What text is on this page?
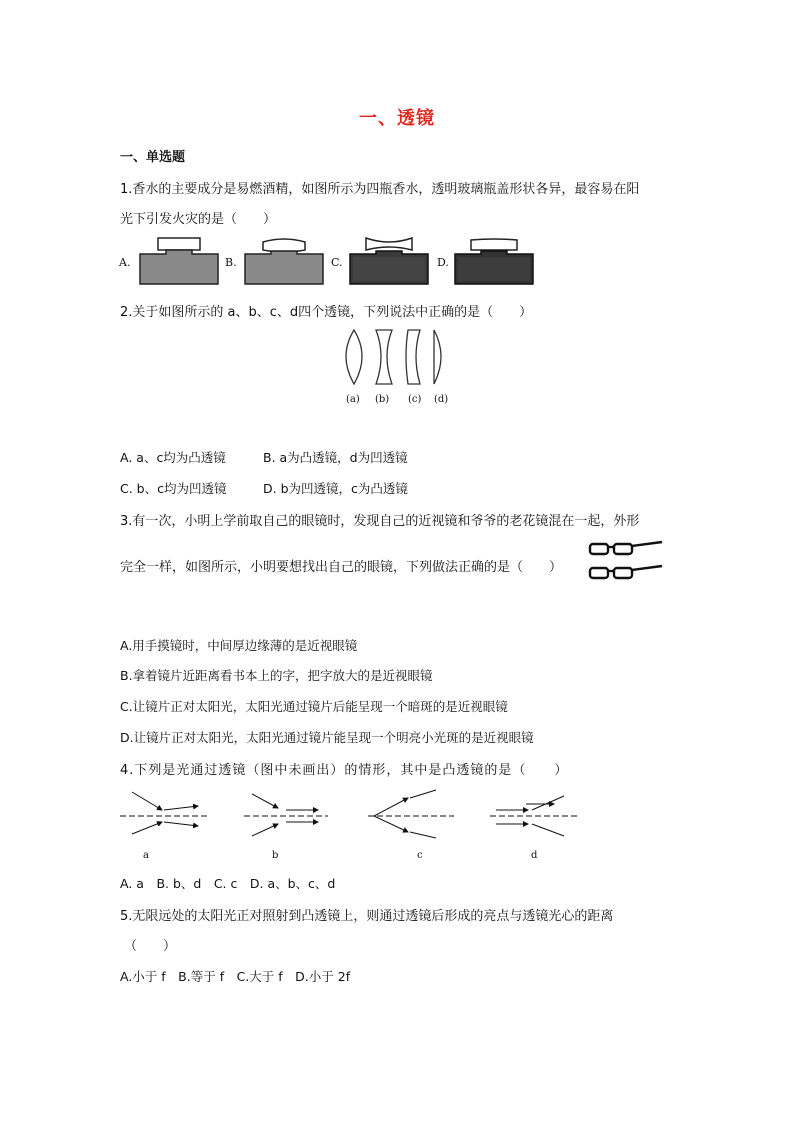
一、透镜
一、单选题
1.香水的主要成分是易燃酒精，如图所示为四瓶香水，透明玻璃瓶盖形状各异，最容易在阳
光下引发火灾的是（　　）
A.	B.	C.	D.
2.关于如图所示的 a、b、c、d四个透镜，下列说法中正确的是（　　）
(a) (b) (c) (d)
A. a、c均为凸透镜	B. a为凸透镜，d为凹透镜
C. b、c均为凹透镜	D. b为凹透镜，c为凸透镜
3.有一次，小明上学前取自己的眼镜时，发现自己的近视镜和爷爷的老花镜混在一起，外形
完全一样，如图所示，小明要想找出自己的眼镜，下列做法正确的是（　　）
A.用手摸镜时，中间厚边缘薄的是近视眼镜
B.拿着镜片近距离看书本上的字，把字放大的是近视眼镜
C.让镜片正对太阳光，太阳光通过镜片后能呈现一个暗斑的是近视眼镜
D.让镜片正对太阳光，太阳光通过镜片能呈现一个明亮小光斑的是近视眼镜
4.下列是光通过透镜（图中未画出）的情形，其中是凸透镜的是（　　）
a	b	c	d
A. a　B. b、d　C. c　D. a、b、c、d
5.无限远处的太阳光正对照射到凸透镜上，则通过透镜后形成的亮点与透镜光心的距离
（　　）
A.小于 f　B.等于 f　C.大于 f　D.小于 2f
